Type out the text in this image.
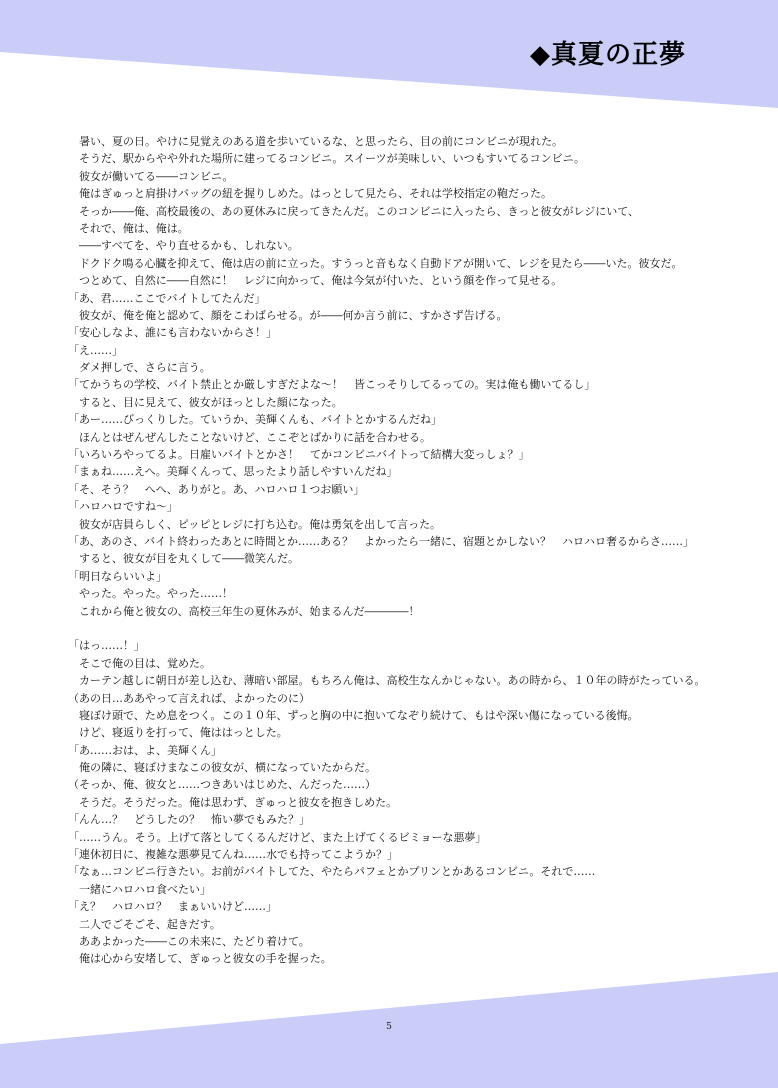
◆真夏の正夢
　暑い、夏の日。やけに見覚えのある道を歩いているな、と思ったら、目の前にコンビニが現れた。
　そうだ、駅からやや外れた場所に建ってるコンビニ。スイーツが美味しい、いつもすいてるコンビニ。
　彼女が働いてる――コンビニ。
　俺はぎゅっと肩掛けバッグの紐を握りしめた。はっとして見たら、それは学校指定の鞄だった。
　そっか――俺、高校最後の、あの夏休みに戻ってきたんだ。このコンビニに入ったら、きっと彼女がレジにいて、
　それで、俺は、俺は。
　――すべてを、やり直せるかも、しれない。
　ドクドク鳴る心臓を抑えて、俺は店の前に立った。すうっと音もなく自動ドアが開いて、レジを見たら――いた。彼女だ。
　つとめて、自然に――自然に！　レジに向かって、俺は今気が付いた、という顔を作って見せる。
「あ、君……ここでバイトしてたんだ」
　彼女が、俺を俺と認めて、顔をこわばらせる。が――何か言う前に、すかさず告げる。
「安心しなよ、誰にも言わないからさ！」
「え……」
　ダメ押しで、さらに言う。
「てかうちの学校、バイト禁止とか厳しすぎだよな～！　皆こっそりしてるっての。実は俺も働いてるし」
　すると、目に見えて、彼女がほっとした顔になった。
「あー……びっくりした。ていうか、美輝くんも、バイトとかするんだね」
　ほんとはぜんぜんしたことないけど、ここぞとばかりに話を合わせる。
「いろいろやってるよ。日雇いバイトとかさ！　てかコンビニバイトって結構大変っしょ？」
「まぁね……えへ。美輝くんって、思ったより話しやすいんだね」
「そ、そう？　へへ、ありがと。あ、ハロハロ１つお願い」
「ハロハロですね～」
　彼女が店員らしく、ピッピとレジに打ち込む。俺は勇気を出して言った。
「あ、あのさ、バイト終わったあとに時間とか……ある？　よかったら一緒に、宿題とかしない？　ハロハロ奢るからさ……」
　すると、彼女が目を丸くして――微笑んだ。
「明日ならいいよ」
　やった。やった。やった……！
　これから俺と彼女の、高校三年生の夏休みが、始まるんだ――――！
「はっ……！」
　そこで俺の目は、覚めた。
　カーテン越しに朝日が差し込む、薄暗い部屋。もちろん俺は、高校生なんかじゃない。あの時から、１０年の時がたっている。
（あの日…ああやって言えれば、よかったのに）
　寝ぼけ頭で、ため息をつく。この１０年、ずっと胸の中に抱いてなぞり続けて、もはや深い傷になっている後悔。
　けど、寝返りを打って、俺ははっとした。
「あ……おは、よ、美輝くん」
　俺の隣に、寝ぼけまなこの彼女が、横になっていたからだ。
（そっか、俺、彼女と……つきあいはじめた、んだった……）
　そうだ。そうだった。俺は思わず、ぎゅっと彼女を抱きしめた。
「んん…？　どうしたの？　怖い夢でもみた？」
「……うん。そう。上げて落としてくるんだけど、また上げてくるビミョーな悪夢」
「連休初日に、複雑な悪夢見てんね……水でも持ってこようか？」
「なぁ…コンビニ行きたい。お前がバイトしてた、やたらパフェとかプリンとかあるコンビニ。それで……
　一緒にハロハロ食べたい」
「え？　ハロハロ？　まぁいいけど……」
　二人でごそごそ、起きだす。
　ああよかった――この未来に、たどり着けて。
　俺は心から安堵して、ぎゅっと彼女の手を握った。
5
